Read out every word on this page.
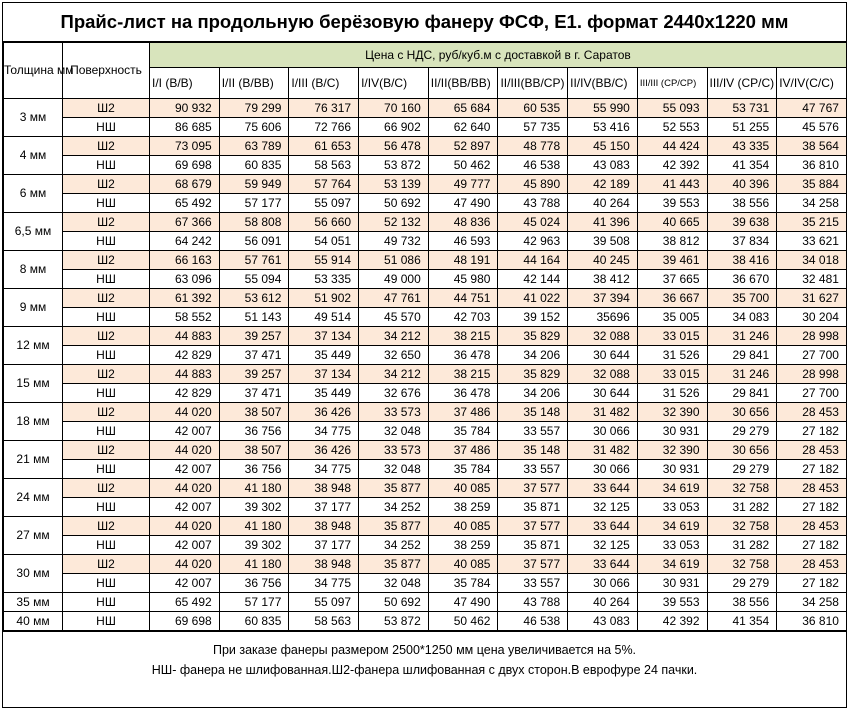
Прайс-лист на продольную берёзовую фанеру ФСФ, Е1. формат 2440х1220 мм
Толщина мм	Поверхность	Цена с НДС, руб/куб.м с доставкой в г. Саратов									
		I/I (B/B)	I/II (B/BB)	I/III (B/C)	I/IV(B/C)	II/II(BB/BB)	II/III(BB/CP)	II/IV(BB/C)	III/III (CP/CP)	III/IV (CP/C)	IV/IV(C/C)
3 мм	Ш2	90 932	79 299	76 317	70 160	65 684	60 535	55 990	55 093	53 731	47 767
	НШ	86 685	75 606	72 766	66 902	62 640	57 735	53 416	52 553	51 255	45 576
4 мм	Ш2	73 095	63 789	61 653	56 478	52 897	48 778	45 150	44 424	43 335	38 564
	НШ	69 698	60 835	58 563	53 872	50 462	46 538	43 083	42 392	41 354	36 810
6 мм	Ш2	68 679	59 949	57 764	53 139	49 777	45 890	42 189	41 443	40 396	35 884
	НШ	65 492	57 177	55 097	50 692	47 490	43 788	40 264	39 553	38 556	34 258
6,5 мм	Ш2	67 366	58 808	56 660	52 132	48 836	45 024	41 396	40 665	39 638	35 215
	НШ	64 242	56 091	54 051	49 732	46 593	42 963	39 508	38 812	37 834	33 621
8 мм	Ш2	66 163	57 761	55 914	51 086	48 191	44 164	40 245	39 461	38 416	34 018
	НШ	63 096	55 094	53 335	49 000	45 980	42 144	38 412	37 665	36 670	32 481
9 мм	Ш2	61 392	53 612	51 902	47 761	44 751	41 022	37 394	36 667	35 700	31 627
	НШ	58 552	51 143	49 514	45 570	42 703	39 152	35696	35 005	34 083	30 204
12 мм	Ш2	44 883	39 257	37 134	34 212	38 215	35 829	32 088	33 015	31 246	28 998
	НШ	42 829	37 471	35 449	32 650	36 478	34 206	30 644	31 526	29 841	27 700
15 мм	Ш2	44 883	39 257	37 134	34 212	38 215	35 829	32 088	33 015	31 246	28 998
	НШ	42 829	37 471	35 449	32 676	36 478	34 206	30 644	31 526	29 841	27 700
18 мм	Ш2	44 020	38 507	36 426	33 573	37 486	35 148	31 482	32 390	30 656	28 453
	НШ	42 007	36 756	34 775	32 048	35 784	33 557	30 066	30 931	29 279	27 182
21 мм	Ш2	44 020	38 507	36 426	33 573	37 486	35 148	31 482	32 390	30 656	28 453
	НШ	42 007	36 756	34 775	32 048	35 784	33 557	30 066	30 931	29 279	27 182
24 мм	Ш2	44 020	41 180	38 948	35 877	40 085	37 577	33 644	34 619	32 758	28 453
	НШ	42 007	39 302	37 177	34 252	38 259	35 871	32 125	33 053	31 282	27 182
27 мм	Ш2	44 020	41 180	38 948	35 877	40 085	37 577	33 644	34 619	32 758	28 453
	НШ	42 007	39 302	37 177	34 252	38 259	35 871	32 125	33 053	31 282	27 182
30 мм	Ш2	44 020	41 180	38 948	35 877	40 085	37 577	33 644	34 619	32 758	28 453
	НШ	42 007	36 756	34 775	32 048	35 784	33 557	30 066	30 931	29 279	27 182
35 мм	НШ	65 492	57 177	55 097	50 692	47 490	43 788	40 264	39 553	38 556	34 258
40 мм	НШ	69 698	60 835	58 563	53 872	50 462	46 538	43 083	42 392	41 354	36 810
При заказе фанеры размером 2500*1250 мм цена увеличивается на 5%.
НШ- фанера не шлифованная.Ш2-фанера шлифованная с двух сторон.В еврофуре 24 пачки.
